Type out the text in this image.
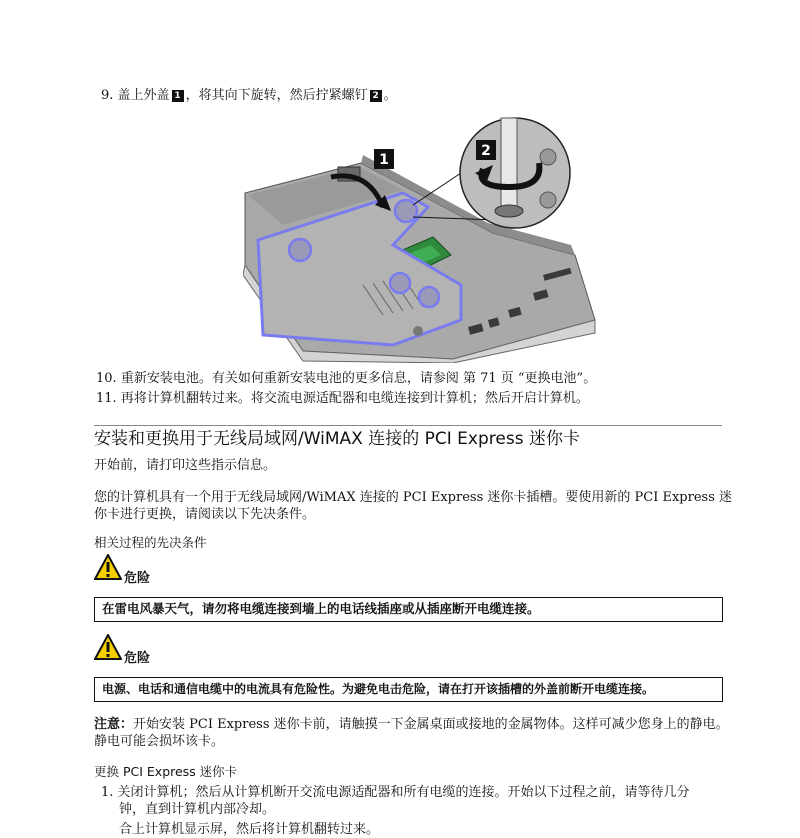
9. 盖上外盖 1 ，将其向下旋转，然后拧紧螺钉 2 。
1
2
10. 重新安装电池。有关如何重新安装电池的更多信息，请参阅 第 71 页 “更换电池”。
11. 再将计算机翻转过来。将交流电源适配器和电缆连接到计算机；然后开启计算机。
安装和更换用于无线局域网/WiMAX 连接的 PCI Express 迷你卡
开始前，请打印这些指示信息。
您的计算机具有一个用于无线局域网/WiMAX 连接的 PCI Express 迷你卡插槽。要使用新的 PCI Express 迷
你卡进行更换，请阅读以下先决条件。
相关过程的先决条件
危险
在雷电风暴天气，请勿将电缆连接到墙上的电话线插座或从插座断开电缆连接。
危险
电源、电话和通信电缆中的电流具有危险性。为避免电击危险，请在打开该插槽的外盖前断开电缆连接。
注意：开始安装 PCI Express 迷你卡前，请触摸一下金属桌面或接地的金属物体。这样可减少您身上的静电。
静电可能会损坏该卡。
更换 PCI Express 迷你卡
1. 关闭计算机；然后从计算机断开交流电源适配器和所有电缆的连接。开始以下过程之前，请等待几分
钟，直到计算机内部冷却。
合上计算机显示屏，然后将计算机翻转过来。
